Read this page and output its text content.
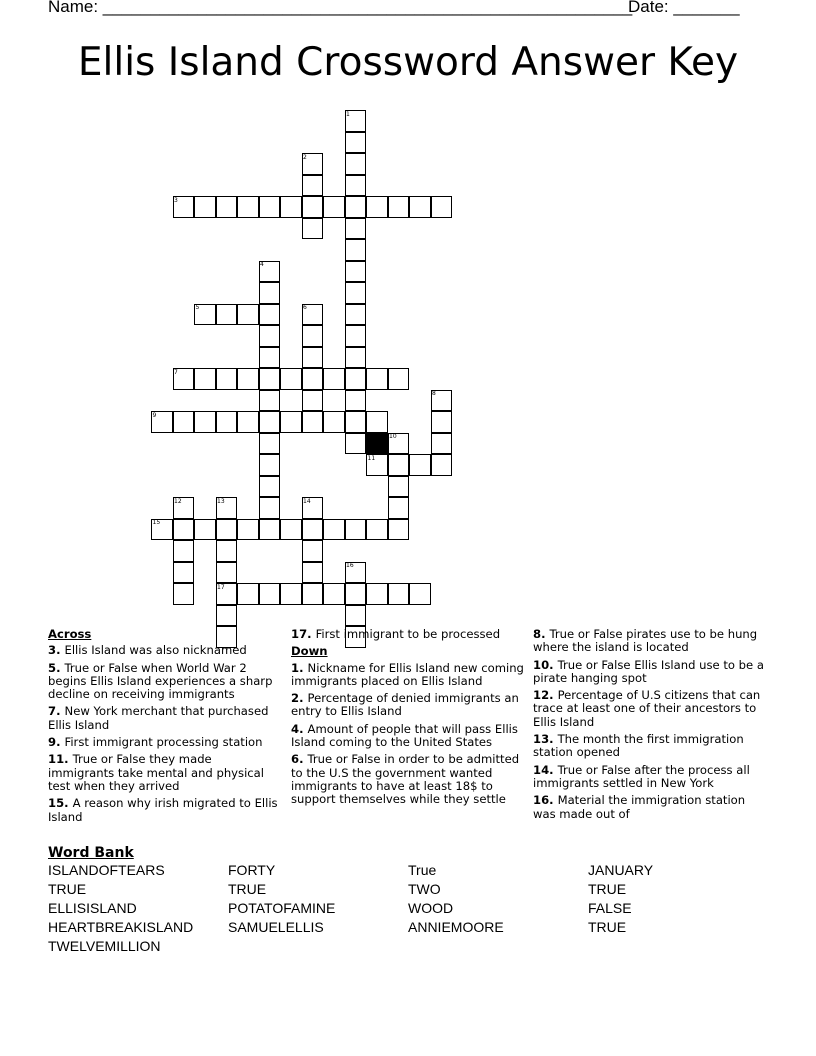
Name: ________________________________________________________
Date: _______
Ellis Island Crossword Answer Key
1
2
3
4
5	6
7
8
9
10
11
12	13	14
15
16
17
Across
3. Ellis Island was also nicknamed
5. True or False when World War 2 begins Ellis Island experiences a sharp decline on receiving immigrants
7. New York merchant that purchased Ellis Island
9. First immigrant processing station
11. True or False they made immigrants take mental and physical test when they arrived
15. A reason why irish migrated to Ellis Island
17. First immigrant to be processed
Down
1. Nickname for Ellis Island new coming immigrants placed on Ellis Island
2. Percentage of denied immigrants an entry to Ellis Island
4. Amount of people that will pass Ellis Island coming to the United States
6. True or False in order to be admitted to the U.S the government wanted immigrants to have at least 18$ to support themselves while they settle
8. True or False pirates use to be hung where the island is located
10. True or False Ellis Island use to be a pirate hanging spot
12. Percentage of U.S citizens that can trace at least one of their ancestors to Ellis Island
13. The month the first immigration station opened
14. True or False after the process all immigrants settled in New York
16. Material the immigration station was made out of
Word Bank
ISLANDOFTEARS
TRUE
ELLISISLAND
HEARTBREAKISLAND
TWELVEMILLION
FORTY
TRUE
POTATOFAMINE
SAMUELELLIS
True
TWO
WOOD
ANNIEMOORE
JANUARY
TRUE
FALSE
TRUE
